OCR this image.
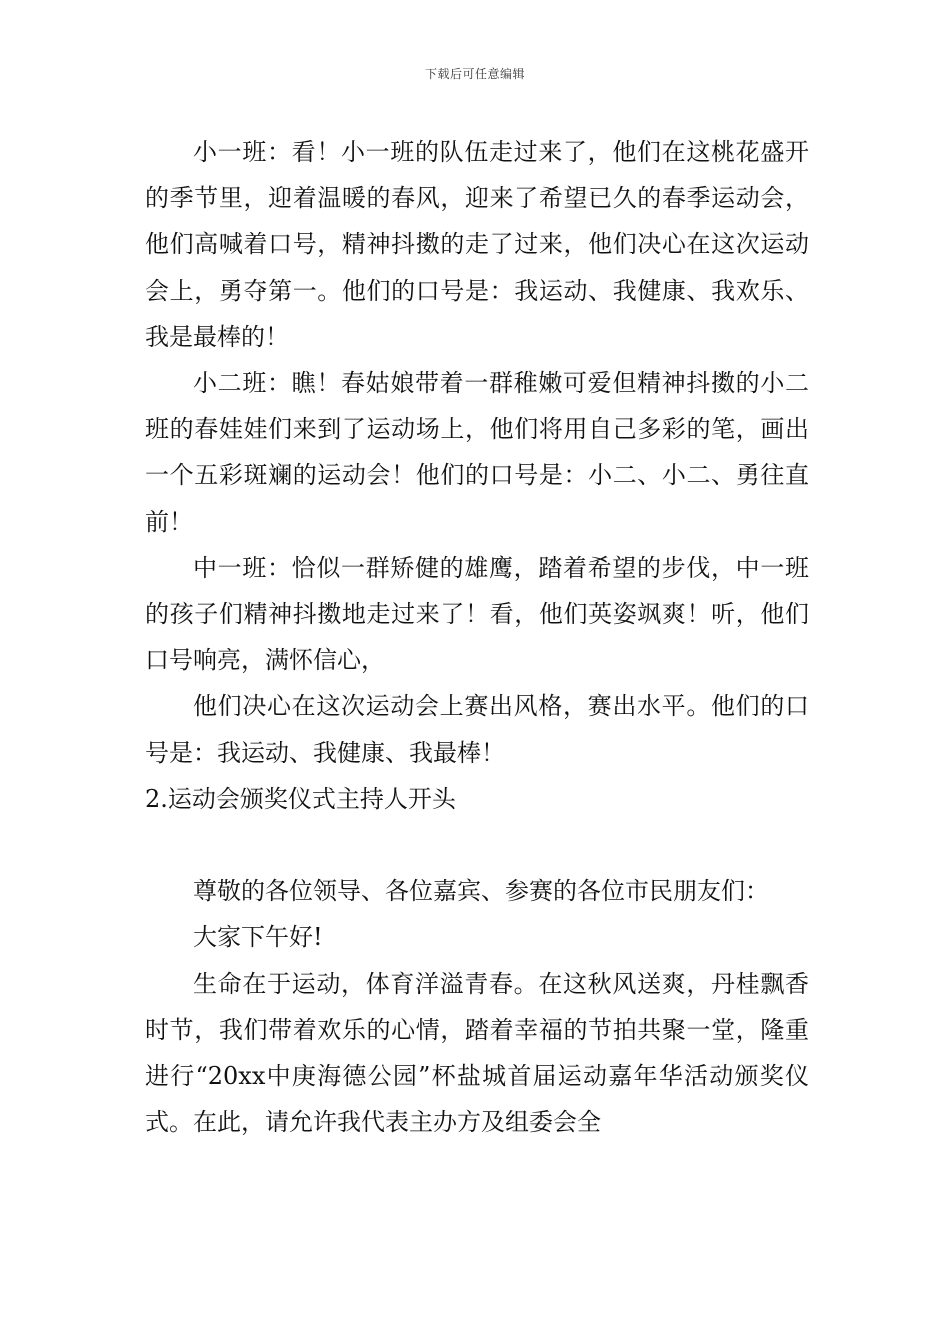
下载后可任意编辑

小一班：看！小一班的队伍走过来了，他们在这桃花盛开的季节里，迎着温暖的春风，迎来了希望已久的春季运动会，他们高喊着口号，精神抖擞的走了过来，他们决心在这次运动会上，勇夺第一。他们的口号是：我运动、我健康、我欢乐、我是最棒的！

小二班：瞧！春姑娘带着一群稚嫩可爱但精神抖擞的小二班的春娃娃们来到了运动场上，他们将用自己多彩的笔，画出一个五彩斑斓的运动会！他们的口号是：小二、小二、勇往直前！

中一班：恰似一群矫健的雄鹰，踏着希望的步伐，中一班的孩子们精神抖擞地走过来了！看，他们英姿飒爽！听，他们口号响亮，满怀信心，

他们决心在这次运动会上赛出风格，赛出水平。他们的口号是：我运动、我健康、我最棒！

2.运动会颁奖仪式主持人开头

尊敬的各位领导、各位嘉宾、参赛的各位市民朋友们：

大家下午好!

生命在于运动，体育洋溢青春。在这秋风送爽，丹桂飘香时节，我们带着欢乐的心情，踏着幸福的节拍共聚一堂，隆重进行“20xx中庚海德公园”杯盐城首届运动嘉年华活动颁奖仪式。在此，请允许我代表主办方及组委会全
